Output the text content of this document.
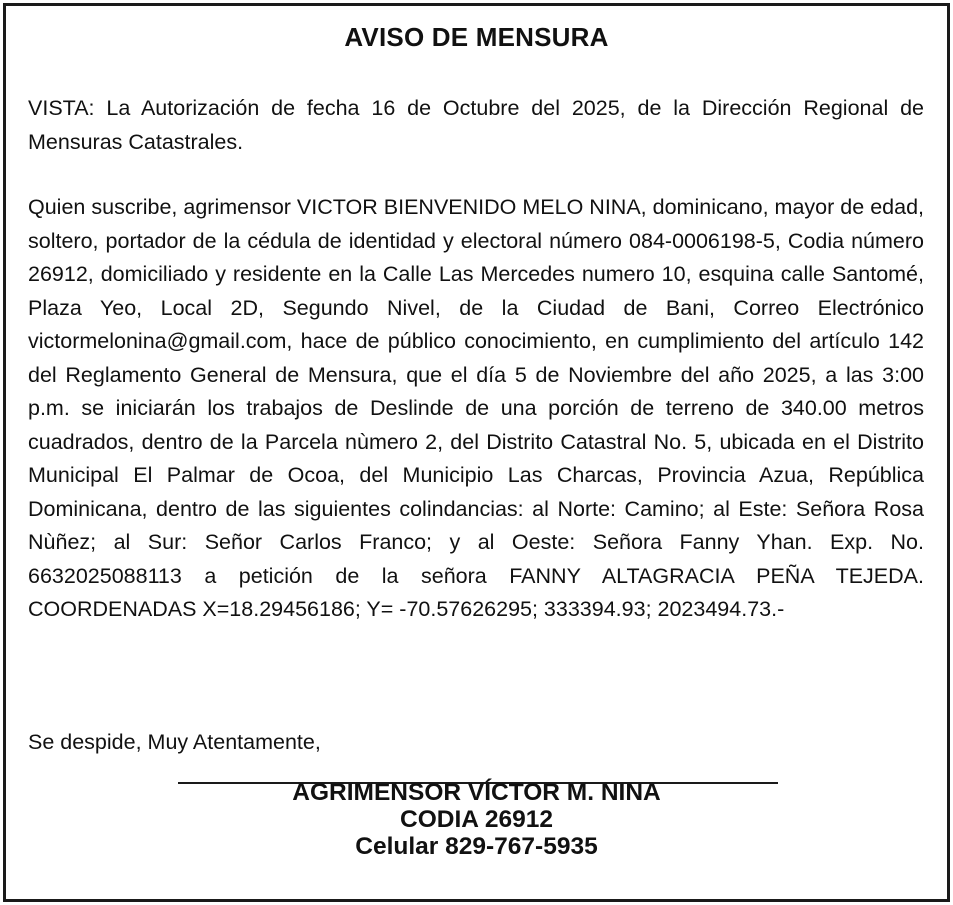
AVISO DE MENSURA
VISTA: La Autorización de fecha 16 de Octubre del 2025, de la Dirección Regional de Mensuras Catastrales.
Quien suscribe, agrimensor VICTOR BIENVENIDO MELO NINA, dominicano, mayor de edad, soltero, portador de la cédula de identidad y electoral número 084-0006198-5, Codia número 26912, domiciliado y residente en la Calle Las Mercedes numero 10, esquina calle Santomé, Plaza Yeo, Local 2D, Segundo Nivel, de la Ciudad de Bani, Correo Electrónico victormelonina@gmail.com, hace de público conocimiento, en cumplimiento del artículo 142 del Reglamento General de Mensura, que el día 5 de Noviembre del año 2025, a las 3:00 p.m. se iniciarán los trabajos de Deslinde de una porción de terreno de 340.00 metros cuadrados, dentro de la Parcela nùmero 2, del Distrito Catastral No. 5, ubicada en el Distrito Municipal El Palmar de Ocoa, del Municipio Las Charcas, Provincia Azua, República Dominicana, dentro de las siguientes colindancias: al Norte: Camino; al Este: Señora Rosa Nùñez; al Sur: Señor Carlos Franco; y al Oeste: Señora Fanny Yhan. Exp. No. 6632025088113 a petición de la señora FANNY ALTAGRACIA PEÑA TEJEDA. COORDENADAS X=18.29456186; Y= -70.57626295; 333394.93; 2023494.73.-
Se despide, Muy Atentamente,
AGRIMENSOR VÍCTOR M. NINA
CODIA 26912
Celular 829-767-5935
